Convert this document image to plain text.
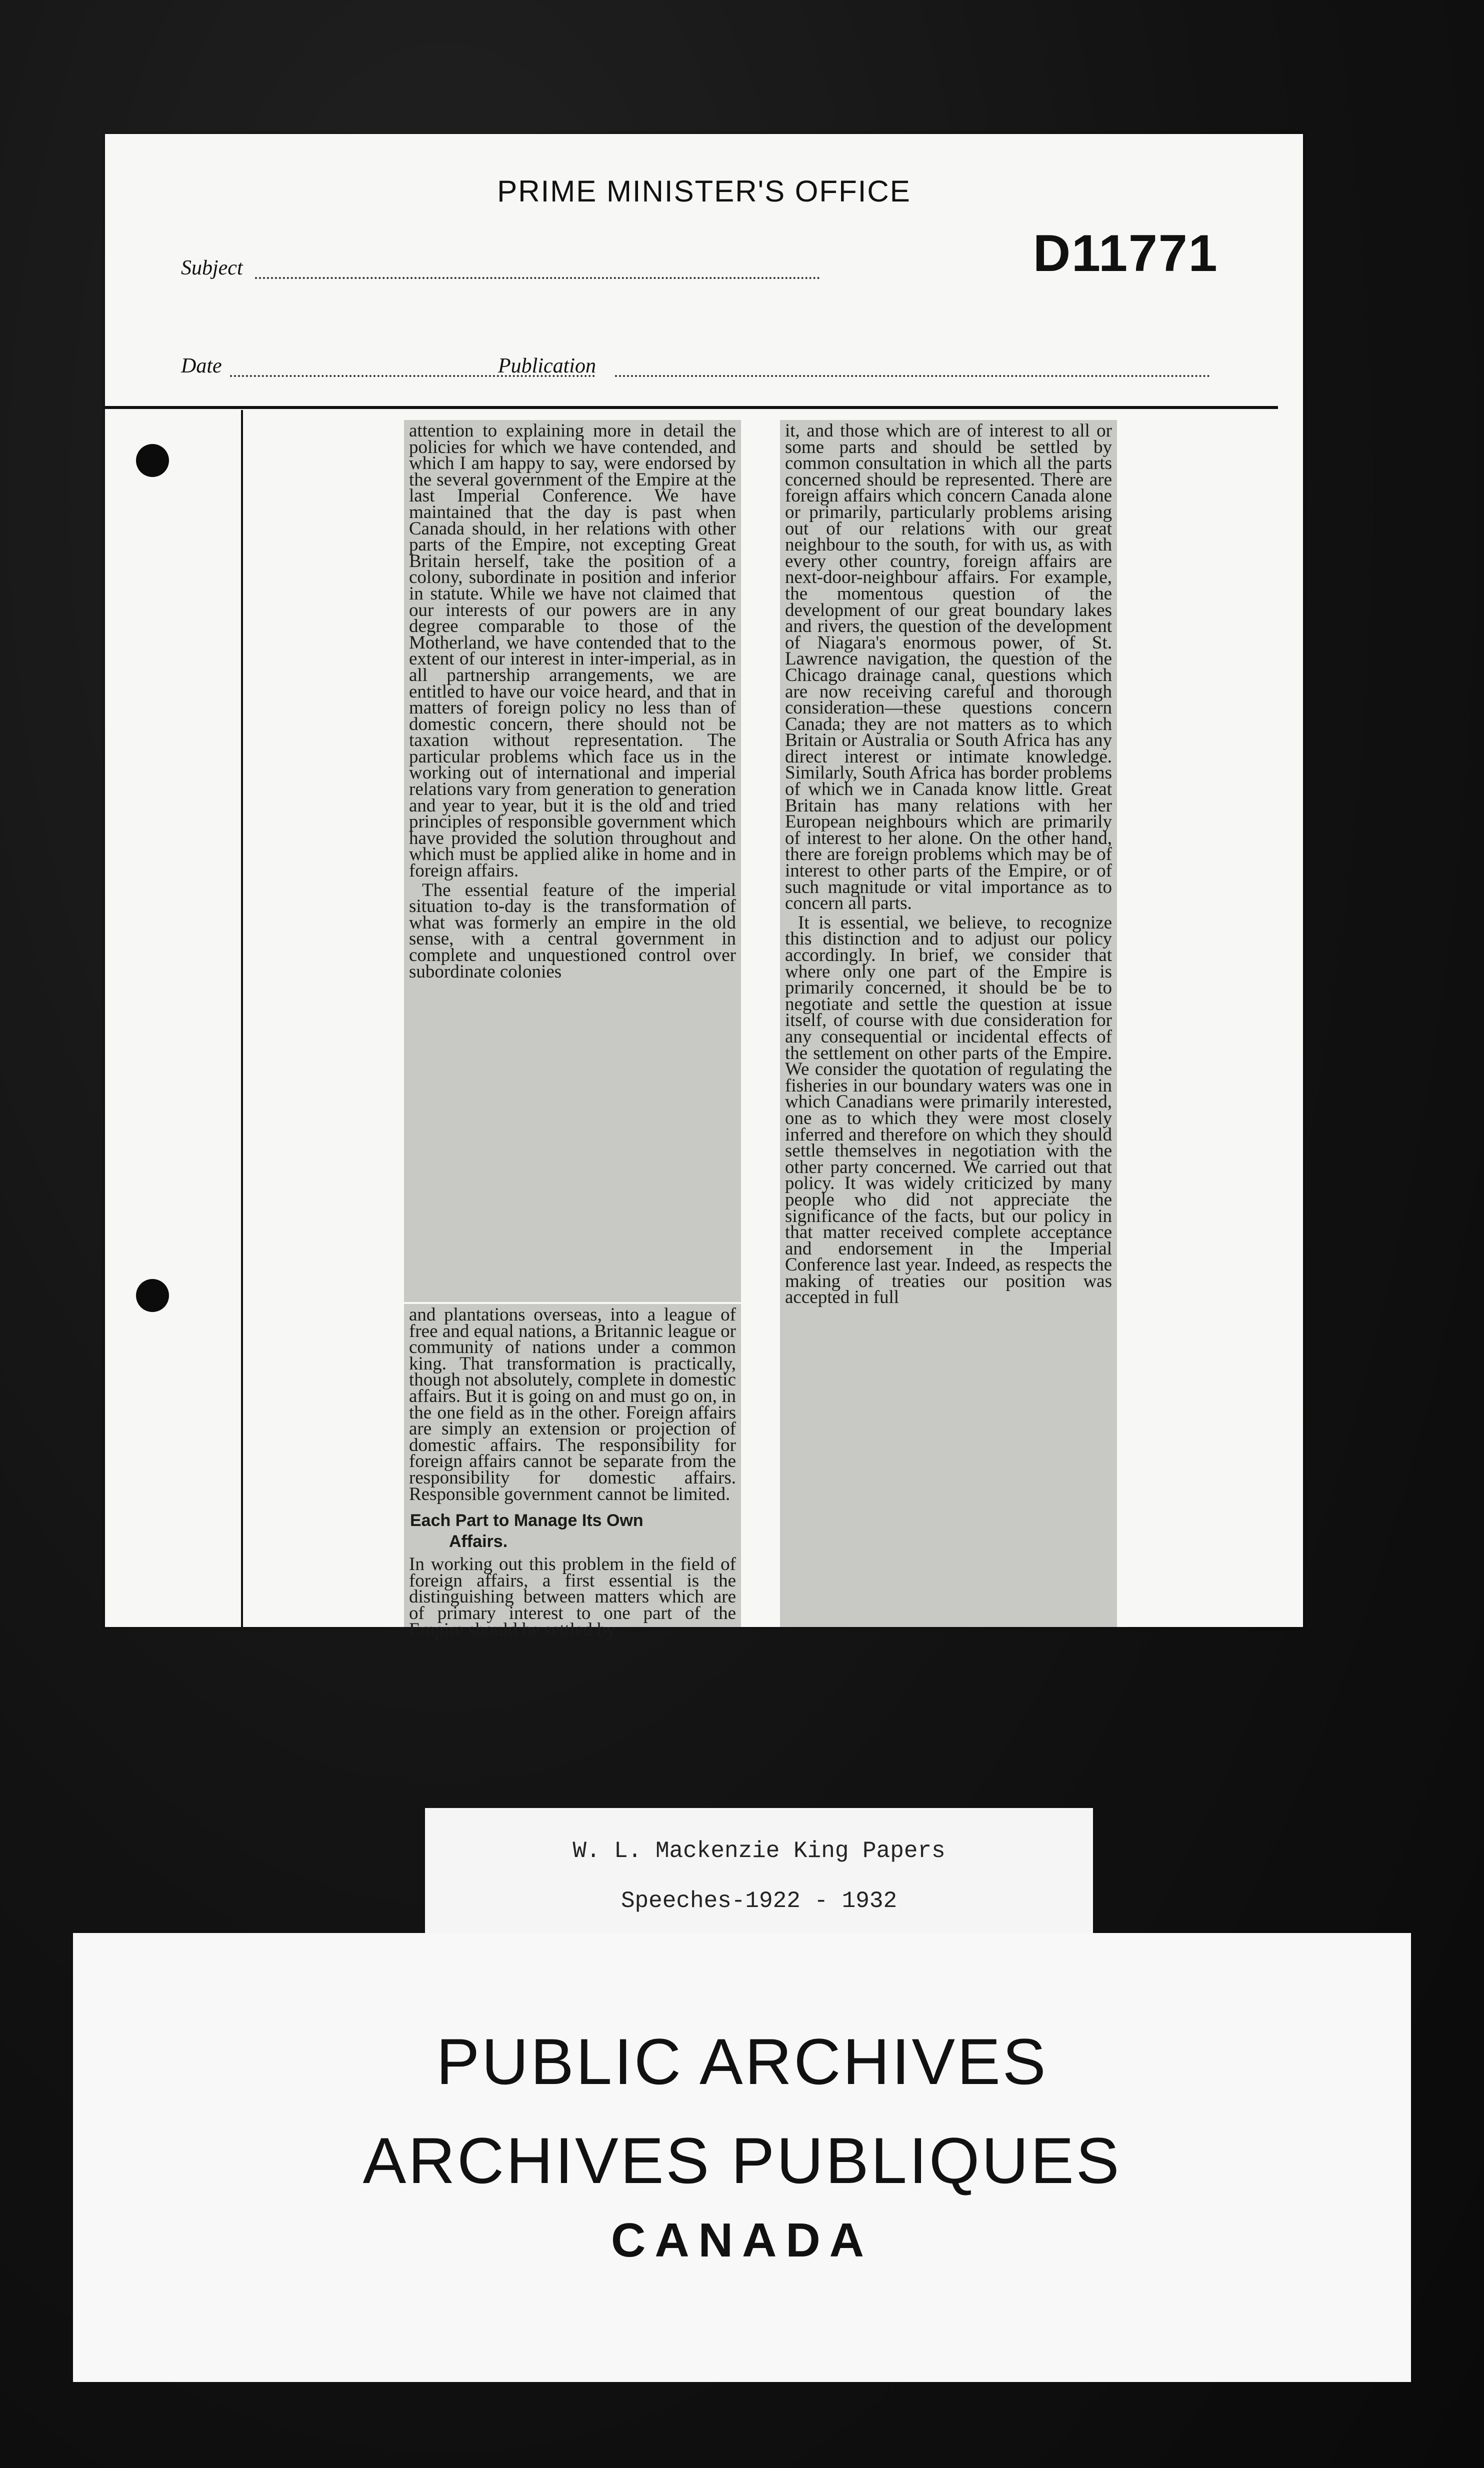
PRIME MINISTER'S OFFICE
Subject	D11771
Date	Publication

attention to explaining more in detail the policies for which we have contended, and which I am happy to say, were endorsed by the several government of the Empire at the last Imperial Conference. We have maintained that the day is past when Canada should, in her relations with other parts of the Empire, not excepting Great Britain herself, take the position of a colony, subordinate in position and inferior in statute. While we have not claimed that our interests of our powers are in any degree comparable to those of the Motherland, we have contended that to the extent of our interest in inter-imperial, as in all partnership arrangements, we are entitled to have our voice heard, and that in matters of foreign policy no less than of domestic concern, there should not be taxation without representation. The particular problems which face us in the working out of international and imperial relations vary from generation to generation and year to year, but it is the old and tried principles of responsible government which have provided the solution throughout and which must be applied alike in home and in foreign affairs.

The essential feature of the imperial situation to-day is the transformation of what was formerly an empire in the old sense, with a central government in complete and unquestioned control over subordinate colonies

and plantations overseas, into a league of free and equal nations, a Britannic league or community of nations under a common king. That transformation is practically, though not absolutely, complete in domestic affairs. But it is going on and must go on, in the one field as in the other. Foreign affairs are simply an extension or projection of domestic affairs. The responsibility for foreign affairs cannot be separate from the responsibility for domestic affairs. Responsible government cannot be limited.

Each Part to Manage Its Own

Affairs.

In working out this problem in the field of foreign affairs, a first essential is the distinguishing between matters which are of primary interest to one part of the Empire should be settled by

it, and those which are of interest to all or some parts and should be settled by common consultation in which all the parts concerned should be represented. There are foreign affairs which concern Canada alone or primarily, particularly problems arising out of our relations with our great neighbour to the south, for with us, as with every other country, foreign affairs are next-door-neighbour affairs. For example, the momentous question of the development of our great boundary lakes and rivers, the question of the development of Niagara's enormous power, of St. Lawrence navigation, the question of the Chicago drainage canal, questions which are now receiving careful and thorough consideration—these questions concern Canada; they are not matters as to which Britain or Australia or South Africa has any direct interest or intimate knowledge. Similarly, South Africa has border problems of which we in Canada know little. Great Britain has many relations with her European neighbours which are primarily of interest to her alone. On the other hand, there are foreign problems which may be of interest to other parts of the Empire, or of such magnitude or vital importance as to concern all parts.

It is essential, we believe, to recognize this distinction and to adjust our policy accordingly. In brief, we consider that where only one part of the Empire is primarily concerned, it should be be to negotiate and settle the question at issue itself, of course with due consideration for any consequential or incidental effects of the settlement on other parts of the Empire. We consider the quotation of regulating the fisheries in our boundary waters was one in which Canadians were primarily interested, one as to which they were most closely inferred and therefore on which they should settle themselves in negotiation with the other party concerned. We carried out that policy. It was widely criticized by many people who did not appreciate the significance of the facts, but our policy in that matter received complete acceptance and endorsement in the Imperial Conference last year. Indeed, as respects the making of treaties our position was accepted in full

W. L. Mackenzie King Papers
Speeches-1922 - 1932
PUBLIC ARCHIVES
ARCHIVES PUBLIQUES
CANADA
